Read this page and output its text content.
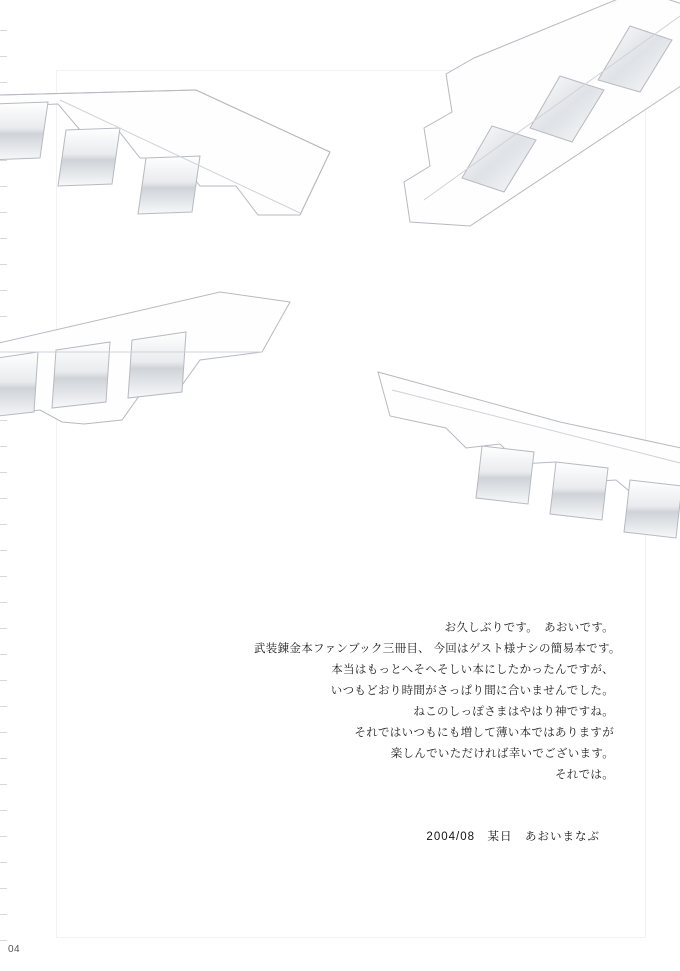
お久しぶりです。　あおいです。
武装錬金本ファンブック三冊目、 今回はゲスト様ナシの簡易本です。
本当はもっとへそへそしい本にしたかったんですが、
いつもどおり時間がさっぱり間に合いませんでした。
ねこのしっぽさまはやはり神ですね。
それではいつもにも増して薄い本ではありますが
楽しんでいただければ幸いでございます。
それでは。
2004/08　某日　あおいまなぶ
04
